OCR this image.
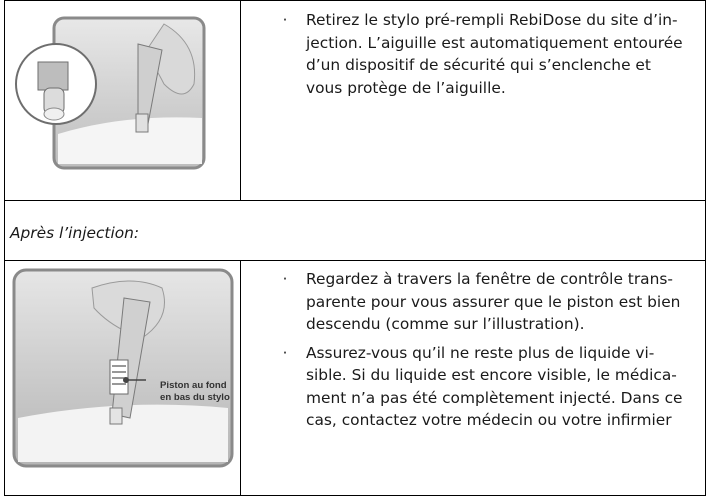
· Retirez le stylo pré-rempli RebiDose du site d’in-
jection. L’aiguille est automatiquement entourée
d’un dispositif de sécurité qui s’enclenche et
vous protège de l’aiguille.
Après l’injection:
Piston au fond
en bas du stylo
· Regardez à travers la fenêtre de contrôle trans-
parente pour vous assurer que le piston est bien
descendu (comme sur l’illustration).
· Assurez-vous qu’il ne reste plus de liquide vi-
sible. Si du liquide est encore visible, le médica-
ment n’a pas été complètement injecté. Dans ce
cas, contactez votre médecin ou votre infirmier
